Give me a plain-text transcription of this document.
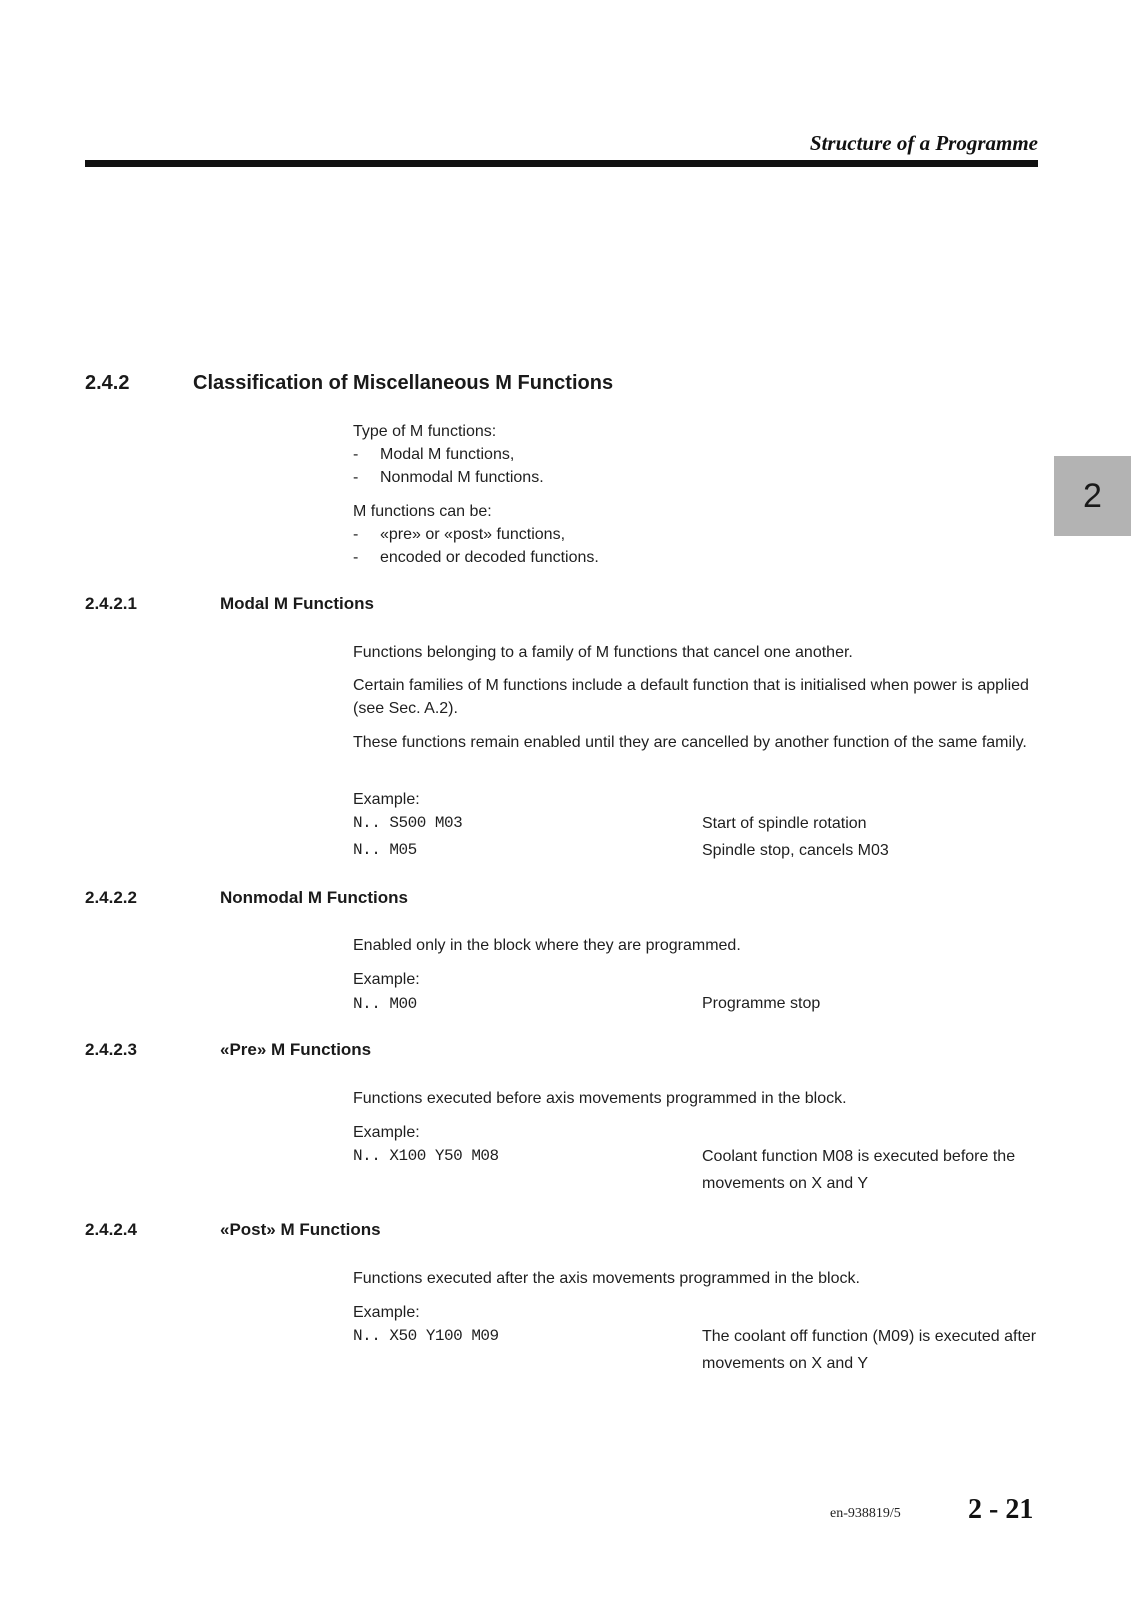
Structure of a Programme
2
2.4.2	Classification of Miscellaneous M Functions

Type of M functions:

- Modal M functions,

- Nonmodal M functions.

M functions can be:

- «pre» or «post» functions,

- encoded or decoded functions.

2.4.2.1	Modal M Functions
Functions belonging to a family of M functions that cancel one another.
Certain families of M functions include a default function that is initialised when power is applied (see Sec. A.2).
These functions remain enabled until they are cancelled by another function of the same family.
Example:
N.. S500 M03	Start of spindle rotation
N.. M05	Spindle stop, cancels M03
2.4.2.2	Nonmodal M Functions
Enabled only in the block where they are programmed.
Example:
N.. M00	Programme stop
2.4.2.3	«Pre» M Functions
Functions executed before axis movements programmed in the block.
Example:
N.. X100 Y50 M08	Coolant function M08 is executed before the movements on X and Y
2.4.2.4	«Post» M Functions
Functions executed after the axis movements programmed in the block.
Example:
N.. X50 Y100 M09	The coolant off function (M09) is executed after movements on X and Y
en-938819/5 2 - 21
